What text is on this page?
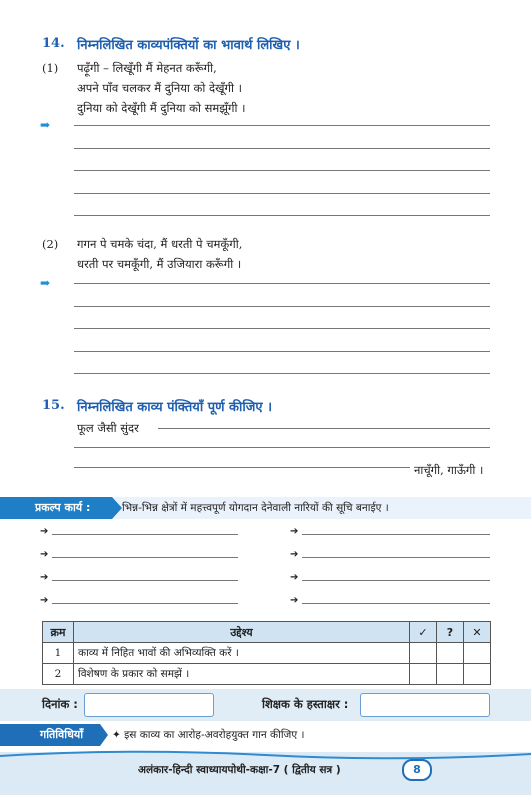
14. निम्नलिखित काव्यपंक्तियों का भावार्थ लिखिए ।
(1) पढ़ूँगी – लिखूँगी मैं मेहनत करूँगी,
अपने पाँव चलकर मैं दुनिया को देखूँगी ।
दुनिया को देखूँगी मैं दुनिया को समझूँगी ।
➡
(2) गगन पे चमके चंदा, मैं धरती पे चमकूँगी,
धरती पर चमकूँगी, मैं उजियारा करूँगी ।
➡
15. निम्नलिखित काव्य पंक्तियाँ पूर्ण कीजिए ।
फूल जैसी सुंदर
नाचूँगी, गाऊँगी ।
प्रकल्प कार्य :	भिन्न-भिन्न क्षेत्रों में महत्त्वपूर्ण योगदान देनेवाली नारियों की सूचि बनाईए ।
➔
➔
➔
➔
➔
➔
➔
➔
क्रम	उद्देश्य	✓	?	✕
1	काव्य में निहित भावों की अभिव्यक्ति करें ।			
2	विशेषण के प्रकार को समझें ।			
दिनांक :	शिक्षक के हस्ताक्षर :
गतिविधियाँ	✦ इस काव्य का आरोह-अवरोहयुक्त गान कीजिए ।
अलंकार-हिन्दी स्वाध्यायपोथी-कक्षा-7 ( द्वितीय सत्र )	8
